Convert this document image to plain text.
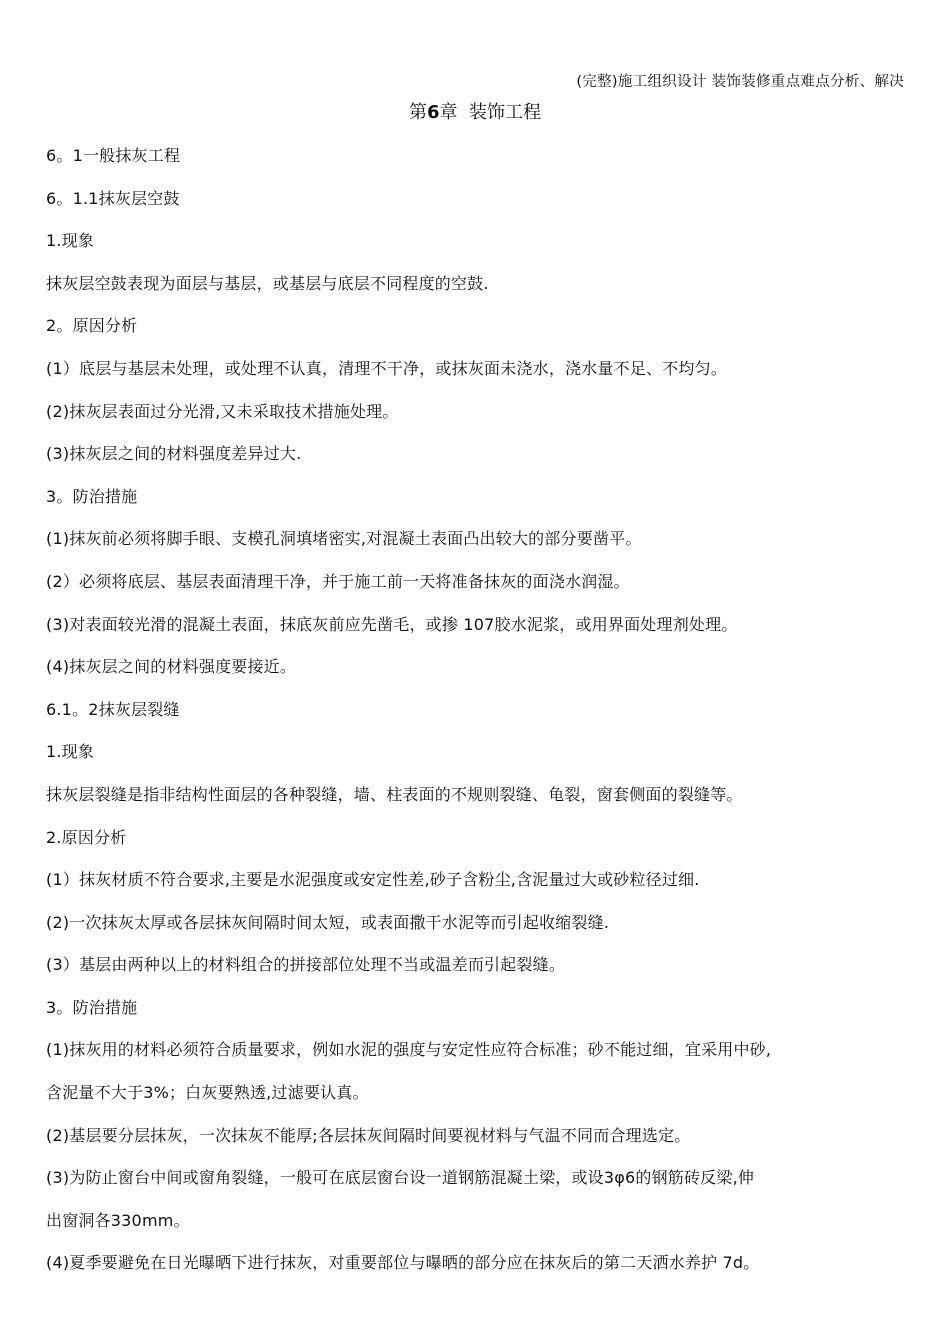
(完整)施工组织设计 装饰装修重点难点分析、解决
第6章 装饰工程
6。1一般抹灰工程
6。1.1抹灰层空鼓
1.现象
抹灰层空鼓表现为面层与基层，或基层与底层不同程度的空鼓.
2。原因分析
(1）底层与基层未处理，或处理不认真，清理不干净，或抹灰面未浇水，浇水量不足、不均匀。
(2)抹灰层表面过分光滑,又未采取技术措施处理。
(3)抹灰层之间的材料强度差异过大.
3。防治措施
(1)抹灰前必须将脚手眼、支模孔洞填堵密实,对混凝土表面凸出较大的部分要凿平。
(2）必须将底层、基层表面清理干净，并于施工前一天将准备抹灰的面浇水润湿。
(3)对表面较光滑的混凝土表面，抹底灰前应先凿毛，或掺 107胶水泥浆，或用界面处理剂处理。
(4)抹灰层之间的材料强度要接近。
6.1。2抹灰层裂缝
1.现象
抹灰层裂缝是指非结构性面层的各种裂缝，墙、柱表面的不规则裂缝、龟裂，窗套侧面的裂缝等。
2.原因分析
(1）抹灰材质不符合要求,主要是水泥强度或安定性差,砂子含粉尘,含泥量过大或砂粒径过细.
(2)一次抹灰太厚或各层抹灰间隔时间太短，或表面撒干水泥等而引起收缩裂缝.
(3）基层由两种以上的材料组合的拼接部位处理不当或温差而引起裂缝。
3。防治措施
(1)抹灰用的材料必须符合质量要求，例如水泥的强度与安定性应符合标准；砂不能过细，宜采用中砂,
含泥量不大于3%；白灰要熟透,过滤要认真。
(2)基层要分层抹灰，一次抹灰不能厚;各层抹灰间隔时间要视材料与气温不同而合理选定。
(3)为防止窗台中间或窗角裂缝，一般可在底层窗台设一道钢筋混凝土梁，或设3φ6的钢筋砖反梁,伸
出窗洞各330mm。
(4)夏季要避免在日光曝晒下进行抹灰，对重要部位与曝晒的部分应在抹灰后的第二天洒水养护 7d。
